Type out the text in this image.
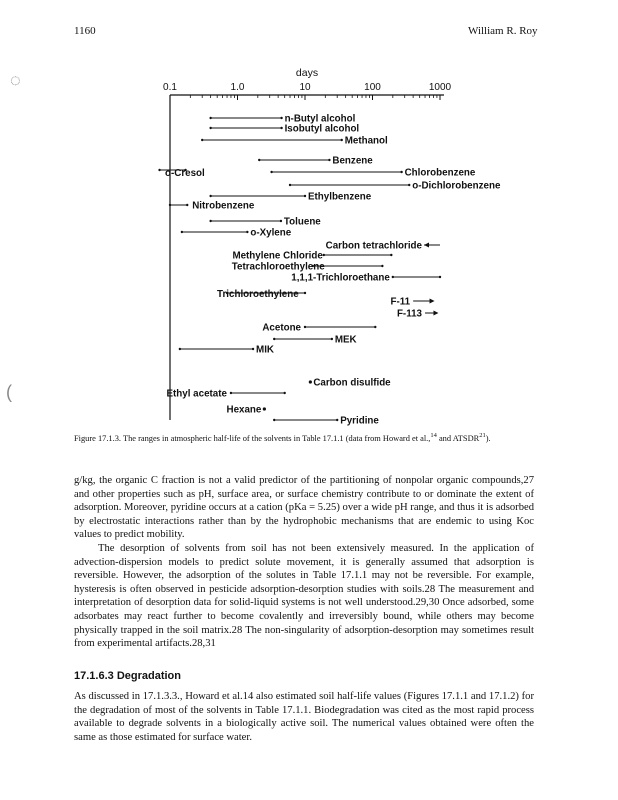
1160	William R. Roy
◌
(
days
0.1	1.0	10	100	1000
n-Butyl alcohol
Isobutyl alcohol
Methanol
Benzene
o-Cresol	Chlorobenzene
o-Dichlorobenzene
Ethylbenzene
Nitrobenzene
Toluene
o-Xylene
Carbon tetrachloride
Methylene Chloride
Tetrachloroethylene
1,1,1-Trichloroethane
Trichloroethylene
F-11
F-113
Acetone
MEK
MIK
Carbon disulfide
Ethyl acetate
Hexane
Pyridine
Figure 17.1.3. The ranges in atmospheric half-life of the solvents in Table 17.1.1 (data from Howard et al.,$^{14}$ and ATSDR$^{21}$).

g/kg, the organic C fraction is not a valid predictor of the partitioning of nonpolar organic compounds,27 and other properties such as pH, surface area, or surface chemistry contribute to or dominate the extent of adsorption. Moreover, pyridine occurs at a cation (pKa = 5.25) over a wide pH range, and thus it is adsorbed by electrostatic interactions rather than by the hydrophobic mechanisms that are endemic to using Koc values to predict mobility.

The desorption of solvents from soil has not been extensively measured. In the application of advection-dispersion models to predict solute movement, it is generally assumed that adsorption is reversible. However, the adsorption of the solutes in Table 17.1.1 may not be reversible. For example, hysteresis is often observed in pesticide adsorption-desorption studies with soils.28 The measurement and interpretation of desorption data for solid-liquid systems is not well understood.29,30 Once adsorbed, some adsorbates may react further to become covalently and irreversibly bound, while others may become physically trapped in the soil matrix.28 The non-singularity of adsorption-desorption may sometimes result from experimental artifacts.28,31

17.1.6.3 Degradation

As discussed in 17.1.3.3., Howard et al.14 also estimated soil half-life values (Figures 17.1.1 and 17.1.2) for the degradation of most of the solvents in Table 17.1.1. Biodegradation was cited as the most rapid process available to degrade solvents in a biologically active soil. The numerical values obtained were often the same as those estimated for surface water.
